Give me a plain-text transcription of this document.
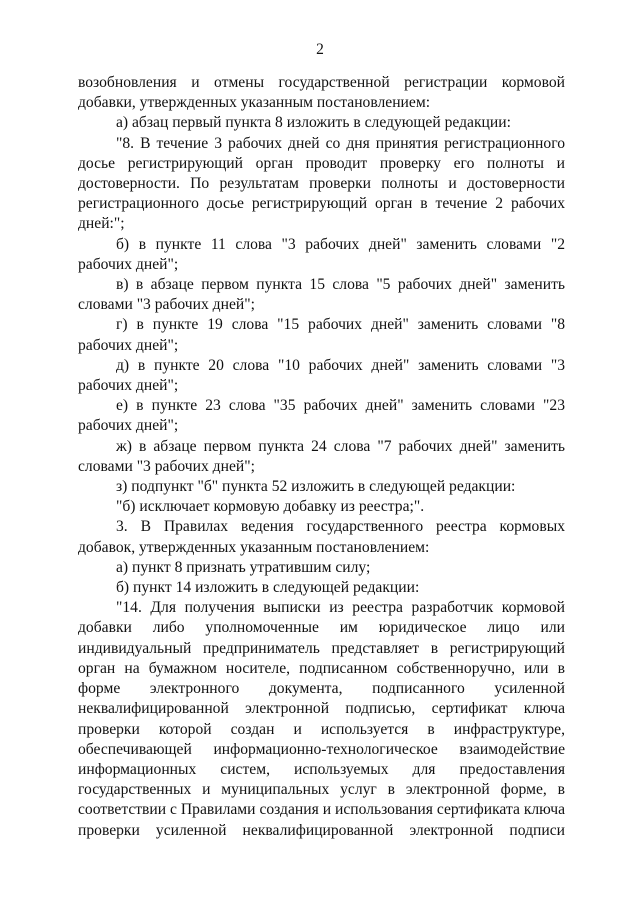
2

возобновления и отмены государственной регистрации кормовой добавки, утвержденных указанным постановлением:

а) абзац первый пункта 8 изложить в следующей редакции:

"8. В течение 3 рабочих дней со дня принятия регистрационного досье регистрирующий орган проводит проверку его полноты и достоверности. По результатам проверки полноты и достоверности регистрационного досье регистрирующий орган в течение 2 рабочих дней:";

б) в пункте 11 слова "3 рабочих дней" заменить словами "2 рабочих дней";

в) в абзаце первом пункта 15 слова "5 рабочих дней" заменить словами "3 рабочих дней";

г) в пункте 19 слова "15 рабочих дней" заменить словами "8 рабочих дней";

д) в пункте 20 слова "10 рабочих дней" заменить словами "3 рабочих дней";

е) в пункте 23 слова "35 рабочих дней" заменить словами "23 рабочих дней";

ж) в абзаце первом пункта 24 слова "7 рабочих дней" заменить словами "3 рабочих дней";

з) подпункт "б" пункта 52 изложить в следующей редакции:

"б) исключает кормовую добавку из реестра;".

3. В Правилах ведения государственного реестра кормовых добавок, утвержденных указанным постановлением:

а) пункт 8 признать утратившим силу;

б) пункт 14 изложить в следующей редакции:

"14. Для получения выписки из реестра разработчик кормовой добавки либо уполномоченные им юридическое лицо или индивидуальный предприниматель представляет в регистрирующий орган на бумажном носителе, подписанном собственноручно, или в форме электронного документа, подписанного усиленной неквалифицированной электронной подписью, сертификат ключа проверки которой создан и используется в инфраструктуре, обеспечивающей информационно-технологическое взаимодействие информационных систем, используемых для предоставления государственных и муниципальных услуг в электронной форме, в соответствии с Правилами создания и использования сертификата ключа проверки усиленной неквалифицированной электронной подписи
